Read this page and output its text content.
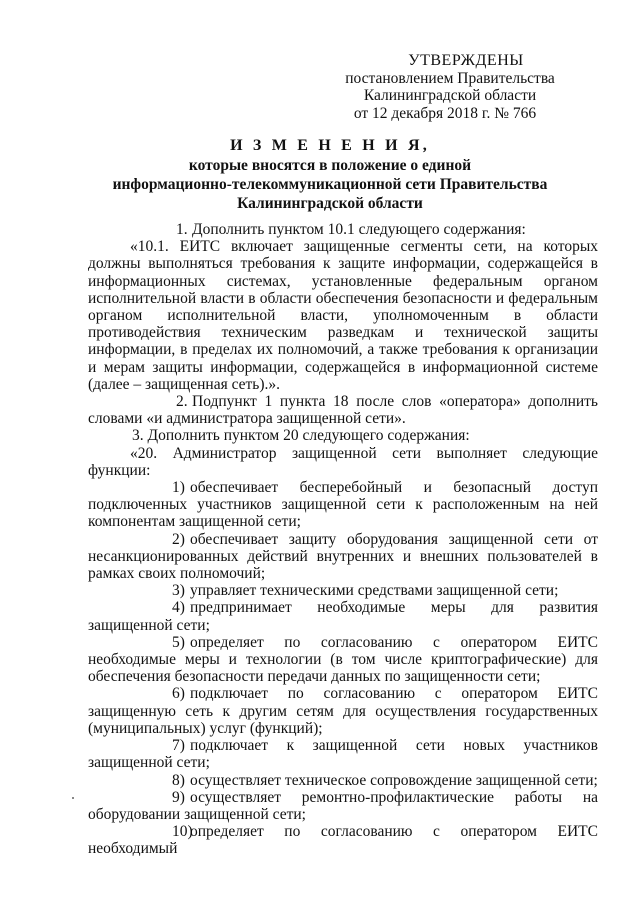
УТВЕРЖДЕНЫ
постановлением Правительства
Калининградской области
от 12 декабря 2018 г. № 766
И З М Е Н Е Н И Я,
которые вносятся в положение о единой
информационно-телекоммуникационной сети Правительства
Калининградской области

1. Дополнить пунктом 10.1 следующего содержания:

«10.1. ЕИТС включает защищенные сегменты сети, на которых должны выполняться требования к защите информации, содержащейся в информационных системах, установленные федеральным органом исполнительной власти в области обеспечения безопасности и федеральным органом исполнительной власти, уполномоченным в области противодействия техническим разведкам и технической защиты информации, в пределах их полномочий, а также требования к организации и мерам защиты информации, содержащейся в информационной системе (далее – защищенная сеть).».

2. Подпункт 1 пункта 18 после слов «оператора» дополнить словами «и администратора защищенной сети».

3. Дополнить пунктом 20 следующего содержания:

«20. Администратор защищенной сети выполняет следующие функции:

1) обеспечивает бесперебойный и безопасный доступ подключенных участников защищенной сети к расположенным на ней компонентам защищенной сети;

2) обеспечивает защиту оборудования защищенной сети от несанкционированных действий внутренних и внешних пользователей в рамках своих полномочий;

3) управляет техническими средствами защищенной сети;

4) предпринимает необходимые меры для развития защищенной сети;

5) определяет по согласованию с оператором ЕИТС необходимые меры и технологии (в том числе криптографические) для обеспечения безопасности передачи данных по защищенности сети;

6) подключает по согласованию с оператором ЕИТС защищенную сеть к другим сетям для осуществления государственных (муниципальных) услуг (функций);

7) подключает к защищенной сети новых участников защищенной сети;

8) осуществляет техническое сопровождение защищенной сети;

9) осуществляет ремонтно-профилактические работы на оборудовании защищенной сети;

10)определяет по согласованию с оператором ЕИТС необходимый
